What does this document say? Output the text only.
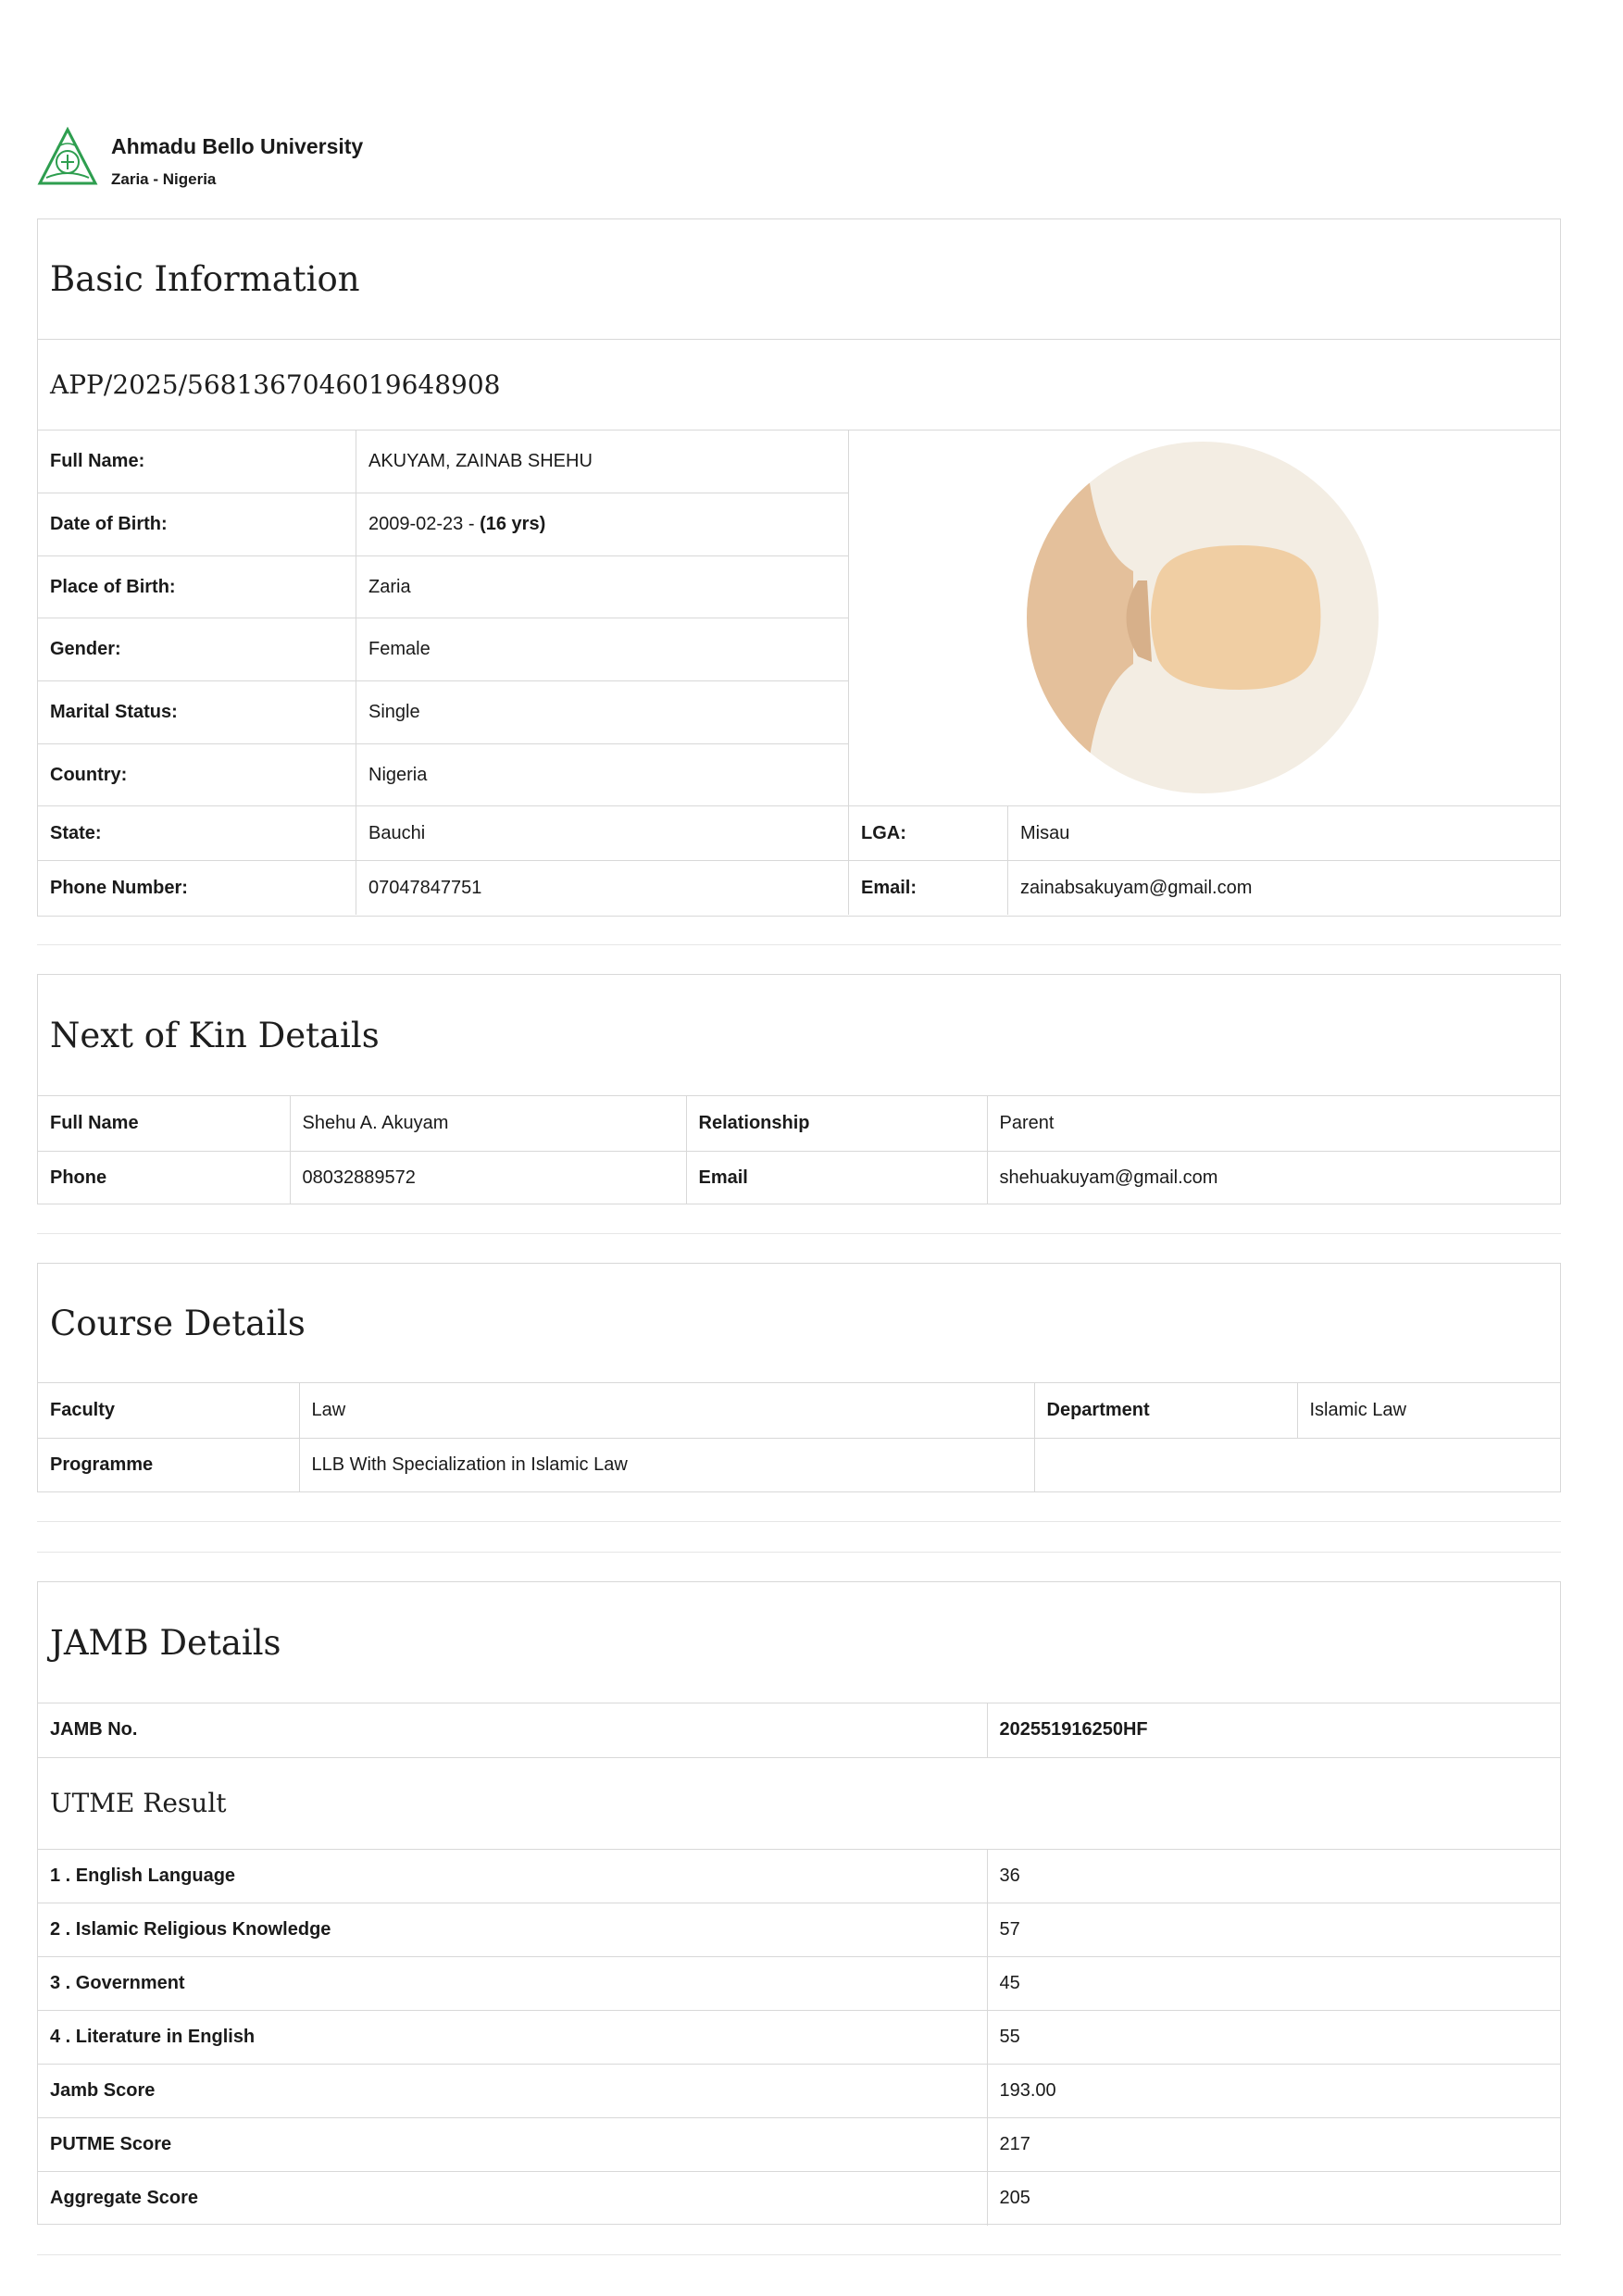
Ahmadu Bello University
Zaria - Nigeria
Basic Information
APP/2025/5681367046019648908
Full Name:	AKUYAM, ZAINAB SHEHU
Date of Birth:	2009-02-23 - (16 yrs)
Place of Birth:	Zaria
Gender:	Female
Marital Status:	Single
Country:	Nigeria
State:	Bauchi	LGA:	Misau
Phone Number:	07047847751	Email:	zainabsakuyam@gmail.com
Next of Kin Details
Full Name	Shehu A. Akuyam	Relationship	Parent
Phone	08032889572	Email	shehuakuyam@gmail.com
Course Details
Faculty	Law	Department	Islamic Law
Programme	LLB With Specialization in Islamic Law		
JAMB Details
JAMB No.	202551916250HF
UTME Result
1 . English Language	36
2 . Islamic Religious Knowledge	57
3 . Government	45
4 . Literature in English	55
Jamb Score	193.00
PUTME Score	217
Aggregate Score	205
